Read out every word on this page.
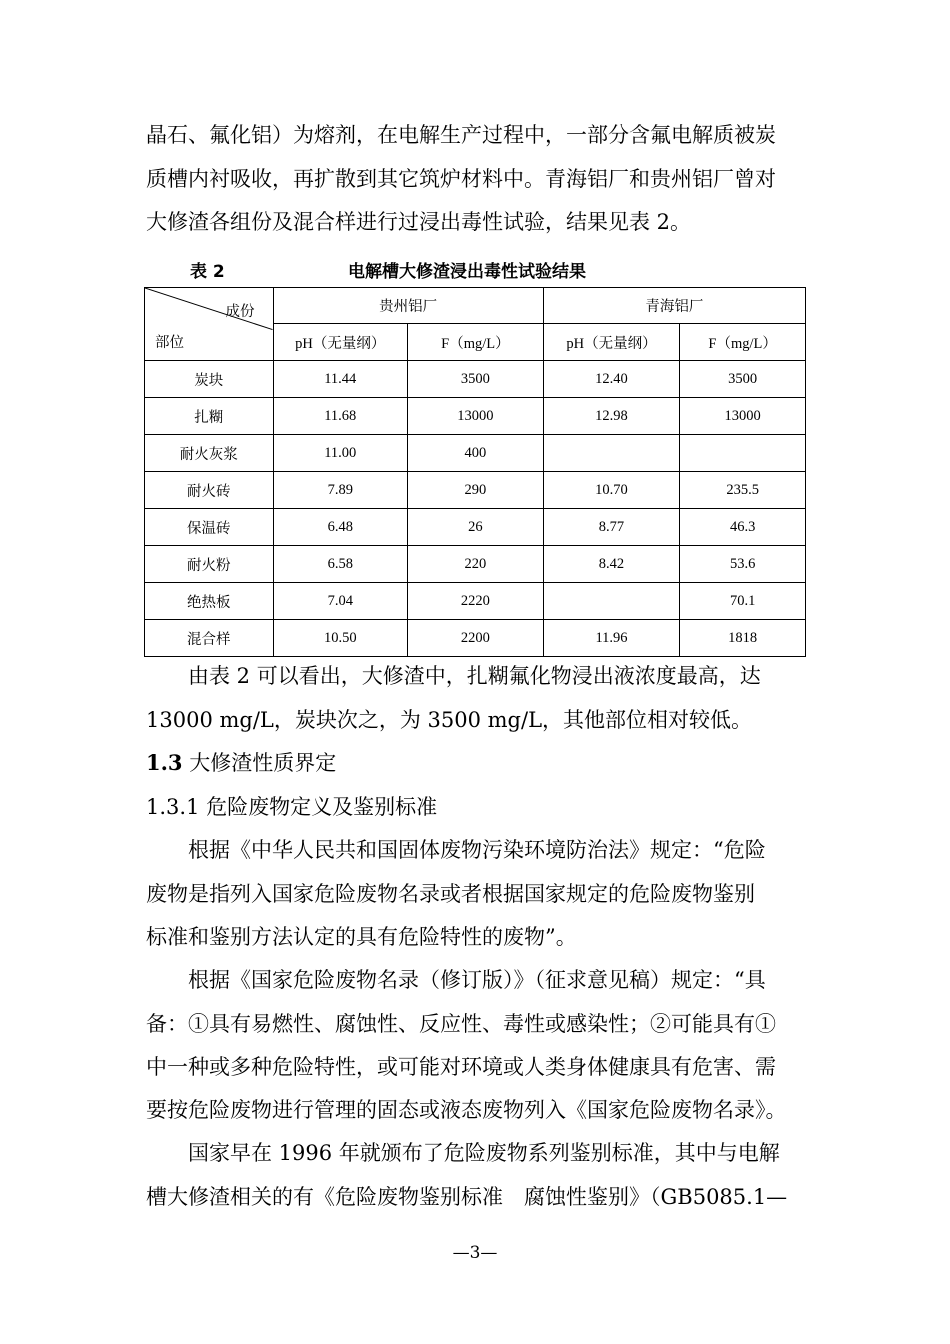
晶石、氟化铝）为熔剂，在电解生产过程中，一部分含氟电解质被炭
质槽内衬吸收，再扩散到其它筑炉材料中。青海铝厂和贵州铝厂曾对
大修渣各组份及混合样进行过浸出毒性试验，结果见表 2。
表 2	电解槽大修渣浸出毒性试验结果
成份
部位	贵州铝厂		青海铝厂	
	pH（无量纲）	F（mg/L）	pH（无量纲）	F（mg/L）
炭块	11.44	3500	12.40	3500
扎糊	11.68	13000	12.98	13000
耐火灰浆	11.00	400		
耐火砖	7.89	290	10.70	235.5
保温砖	6.48	26	8.77	46.3
耐火粉	6.58	220	8.42	53.6
绝热板	7.04	2220		70.1
混合样	10.50	2200	11.96	1818
　　由表 2 可以看出，大修渣中，扎糊氟化物浸出液浓度最高，达
13000 mg/L，炭块次之，为 3500 mg/L，其他部位相对较低。
1.3 大修渣性质界定
1.3.1 危险废物定义及鉴别标准
　　根据《中华人民共和国固体废物污染环境防治法》规定：“危险
废物是指列入国家危险废物名录或者根据国家规定的危险废物鉴别
标准和鉴别方法认定的具有危险特性的废物”。
　　根据《国家危险废物名录（修订版）》（征求意见稿）规定：“具
备：①具有易燃性、腐蚀性、反应性、毒性或感染性；②可能具有①
中一种或多种危险特性，或可能对环境或人类身体健康具有危害、需
要按危险废物进行管理的固态或液态废物列入《国家危险废物名录》。
　　国家早在 1996 年就颁布了危险废物系列鉴别标准，其中与电解
槽大修渣相关的有《危险废物鉴别标准　腐蚀性鉴别》（GB5085.1—
—3—
